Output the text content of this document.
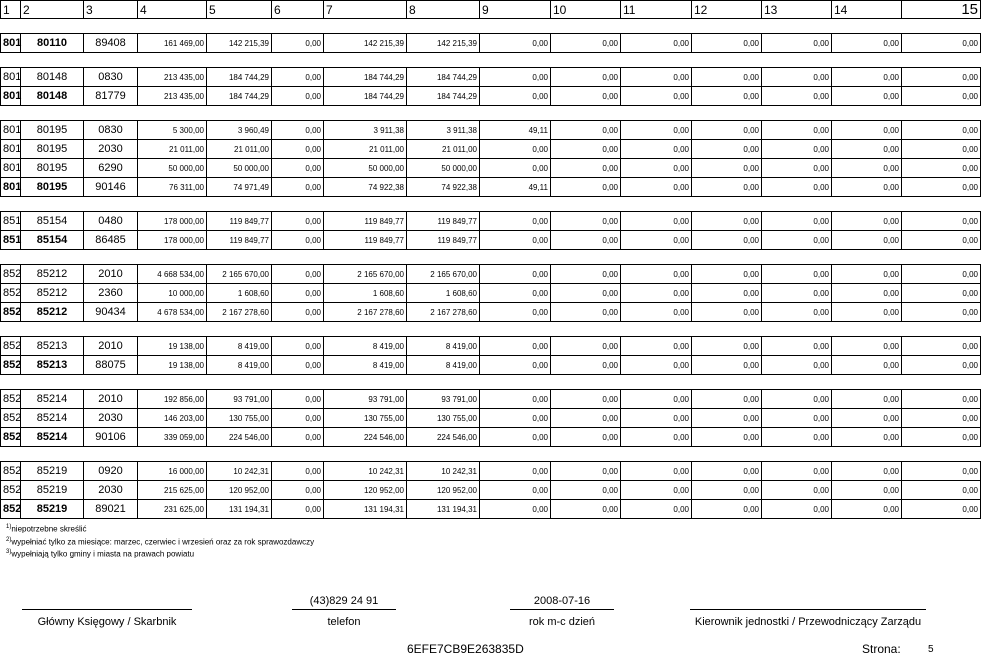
1	2	3	4	5	6	7	8	9	10	11	12	13	14	15

801	80110	89408	161 469,00	142 215,39	0,00	142 215,39	142 215,39	0,00	0,00	0,00	0,00	0,00	0,00	0,00

801	80148	0830	213 435,00	184 744,29	0,00	184 744,29	184 744,29	0,00	0,00	0,00	0,00	0,00	0,00	0,00
801	80148	81779	213 435,00	184 744,29	0,00	184 744,29	184 744,29	0,00	0,00	0,00	0,00	0,00	0,00	0,00

801	80195	0830	5 300,00	3 960,49	0,00	3 911,38	3 911,38	49,11	0,00	0,00	0,00	0,00	0,00	0,00
801	80195	2030	21 011,00	21 011,00	0,00	21 011,00	21 011,00	0,00	0,00	0,00	0,00	0,00	0,00	0,00
801	80195	6290	50 000,00	50 000,00	0,00	50 000,00	50 000,00	0,00	0,00	0,00	0,00	0,00	0,00	0,00
801	80195	90146	76 311,00	74 971,49	0,00	74 922,38	74 922,38	49,11	0,00	0,00	0,00	0,00	0,00	0,00

851	85154	0480	178 000,00	119 849,77	0,00	119 849,77	119 849,77	0,00	0,00	0,00	0,00	0,00	0,00	0,00
851	85154	86485	178 000,00	119 849,77	0,00	119 849,77	119 849,77	0,00	0,00	0,00	0,00	0,00	0,00	0,00

852	85212	2010	4 668 534,00	2 165 670,00	0,00	2 165 670,00	2 165 670,00	0,00	0,00	0,00	0,00	0,00	0,00	0,00
852	85212	2360	10 000,00	1 608,60	0,00	1 608,60	1 608,60	0,00	0,00	0,00	0,00	0,00	0,00	0,00
852	85212	90434	4 678 534,00	2 167 278,60	0,00	2 167 278,60	2 167 278,60	0,00	0,00	0,00	0,00	0,00	0,00	0,00

852	85213	2010	19 138,00	8 419,00	0,00	8 419,00	8 419,00	0,00	0,00	0,00	0,00	0,00	0,00	0,00
852	85213	88075	19 138,00	8 419,00	0,00	8 419,00	8 419,00	0,00	0,00	0,00	0,00	0,00	0,00	0,00

852	85214	2010	192 856,00	93 791,00	0,00	93 791,00	93 791,00	0,00	0,00	0,00	0,00	0,00	0,00	0,00
852	85214	2030	146 203,00	130 755,00	0,00	130 755,00	130 755,00	0,00	0,00	0,00	0,00	0,00	0,00	0,00
852	85214	90106	339 059,00	224 546,00	0,00	224 546,00	224 546,00	0,00	0,00	0,00	0,00	0,00	0,00	0,00

852	85219	0920	16 000,00	10 242,31	0,00	10 242,31	10 242,31	0,00	0,00	0,00	0,00	0,00	0,00	0,00
852	85219	2030	215 625,00	120 952,00	0,00	120 952,00	120 952,00	0,00	0,00	0,00	0,00	0,00	0,00	0,00
852	85219	89021	231 625,00	131 194,31	0,00	131 194,31	131 194,31	0,00	0,00	0,00	0,00	0,00	0,00	0,00
$^{1)}$niepotrzebne skreślić
$^{2)}$wypełniać tylko za miesiące: marzec, czerwiec i wrzesień oraz za rok sprawozdawczy
$^{3)}$wypełniają tylko gminy i miasta na prawach powiatu
Główny Księgowy / Skarbnik
(43)829 24 91
telefon
2008-07-16
rok m-c dzień	Kierownik jednostki / Przewodniczący Zarządu
6EFE7CB9E263835D	Strona:	5
